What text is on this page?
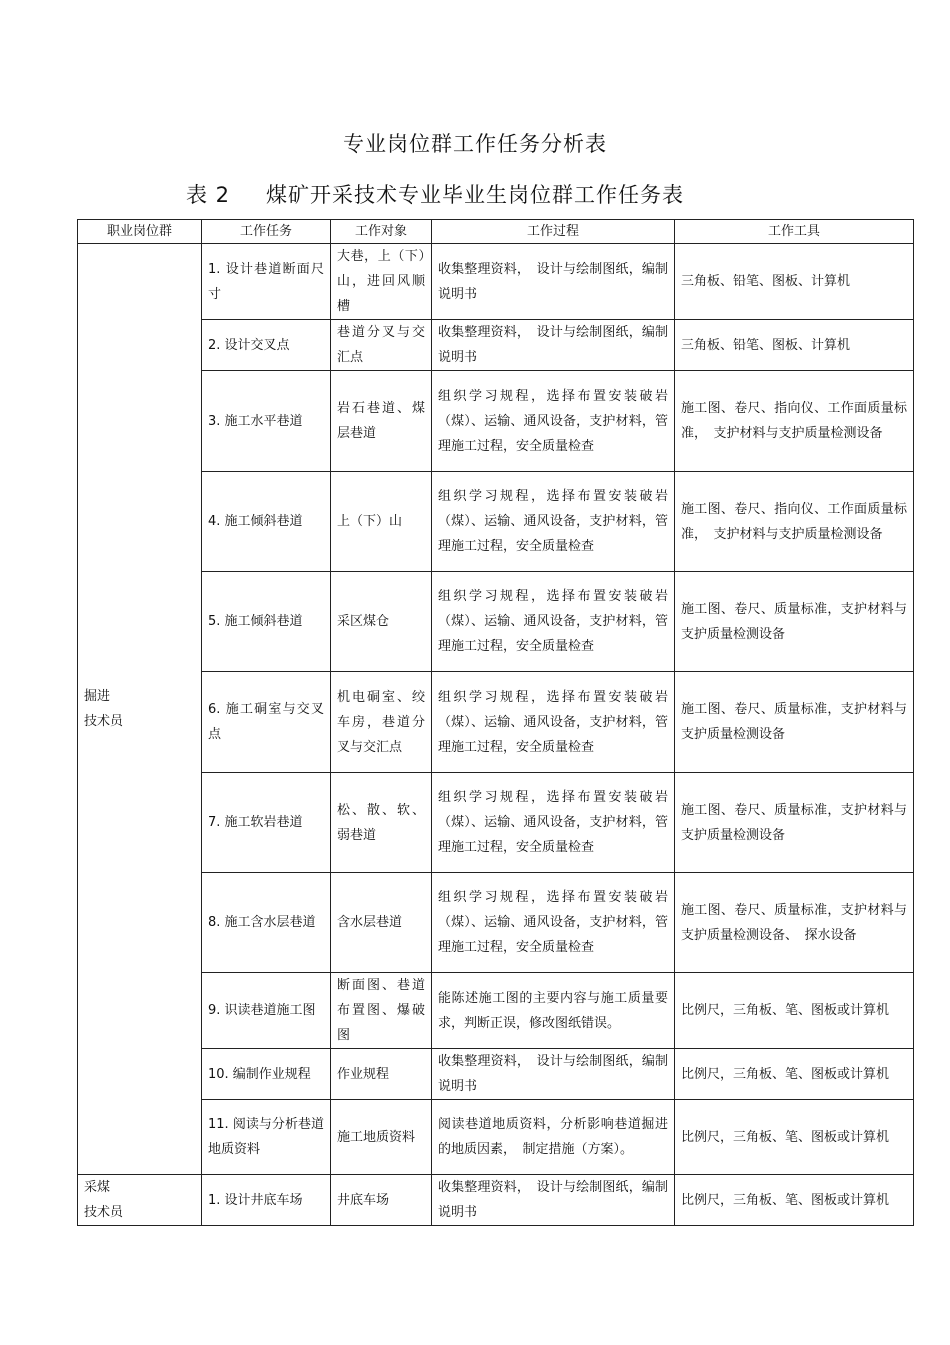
专业岗位群工作任务分析表
表 2 煤矿开采技术专业毕业生岗位群工作任务表
职业岗位群	工作任务	工作对象	工作过程	工作工具

掘进
技术员	1. 设计巷道断面尺寸	大巷，上（下）山，进回风顺槽	收集整理资料，　设计与绘制图纸，编制说明书	三角板、铅笔、图板、计算机
	2. 设计交叉点	巷道分叉与交汇点	收集整理资料，　设计与绘制图纸，编制说明书	三角板、铅笔、图板、计算机
	3. 施工水平巷道	岩石巷道、煤层巷道	组织学习规程，选择布置安装破岩（煤）、运输、通风设备，支护材料，管理施工过程，安全质量检查	施工图、卷尺、指向仪、工作面质量标准，　支护材料与支护质量检测设备
	4. 施工倾斜巷道	上（下）山	组织学习规程，选择布置安装破岩（煤）、运输、通风设备，支护材料，管理施工过程，安全质量检查	施工图、卷尺、指向仪、工作面质量标准，　支护材料与支护质量检测设备
	5. 施工倾斜巷道	采区煤仓	组织学习规程，选择布置安装破岩（煤）、运输、通风设备，支护材料，管理施工过程，安全质量检查	施工图、卷尺、质量标准，支护材料与支护质量检测设备
	6. 施工硐室与交叉点	机电硐室、绞车房，巷道分叉与交汇点	组织学习规程，选择布置安装破岩（煤）、运输、通风设备，支护材料，管理施工过程，安全质量检查	施工图、卷尺、质量标准，支护材料与支护质量检测设备
	7. 施工软岩巷道	松、散、软、弱巷道	组织学习规程，选择布置安装破岩（煤）、运输、通风设备，支护材料，管理施工过程，安全质量检查	施工图、卷尺、质量标准，支护材料与支护质量检测设备
	8. 施工含水层巷道	含水层巷道	组织学习规程，选择布置安装破岩（煤）、运输、通风设备，支护材料，管理施工过程，安全质量检查	施工图、卷尺、质量标准，支护材料与支护质量检测设备、　探水设备
	9. 识读巷道施工图	断面图、巷道布置图、爆破图	能陈述施工图的主要内容与施工质量要求，判断正误，修改图纸错误。	比例尺，三角板、笔、图板或计算机
	10. 编制作业规程	作业规程	收集整理资料，　设计与绘制图纸，编制说明书	比例尺，三角板、笔、图板或计算机
	11. 阅读与分析巷道地质资料	施工地质资料	阅读巷道地质资料，分析影响巷道掘进的地质因素，　制定措施（方案）。	比例尺，三角板、笔、图板或计算机

采煤
技术员	1. 设计井底车场	井底车场	收集整理资料，　设计与绘制图纸，编制说明书	比例尺，三角板、笔、图板或计算机
